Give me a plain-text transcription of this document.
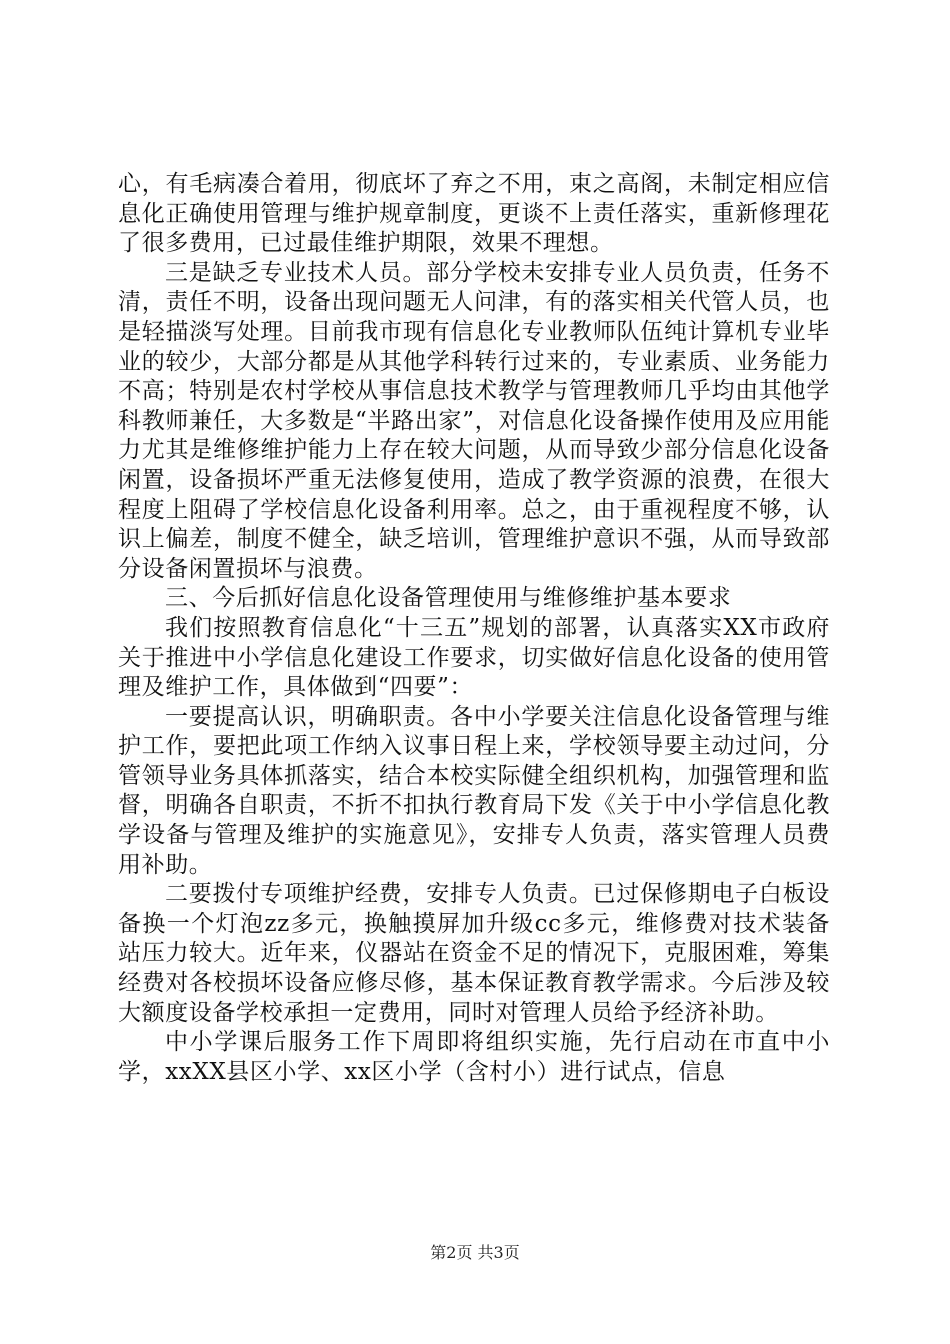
心，有毛病凑合着用，彻底坏了弃之不用，束之高阁，未制定相应信息化正确使用管理与维护规章制度，更谈不上责任落实，重新修理花了很多费用，已过最佳维护期限，效果不理想。

三是缺乏专业技术人员。部分学校未安排专业人员负责，任务不清，责任不明，设备出现问题无人问津，有的落实相关代管人员，也是轻描淡写处理。目前我市现有信息化专业教师队伍纯计算机专业毕业的较少，大部分都是从其他学科转行过来的，专业素质、业务能力不高；特别是农村学校从事信息技术教学与管理教师几乎均由其他学科教师兼任，大多数是“半路出家”，对信息化设备操作使用及应用能力尤其是维修维护能力上存在较大问题，从而导致少部分信息化设备闲置，设备损坏严重无法修复使用，造成了教学资源的浪费，在很大程度上阻碍了学校信息化设备利用率。总之，由于重视程度不够，认识上偏差，制度不健全，缺乏培训，管理维护意识不强，从而导致部分设备闲置损坏与浪费。

三、今后抓好信息化设备管理使用与维修维护基本要求

我们按照教育信息化“十三五”规划的部署，认真落实XX市政府关于推进中小学信息化建设工作要求，切实做好信息化设备的使用管理及维护工作，具体做到“四要”：

一要提高认识，明确职责。各中小学要关注信息化设备管理与维护工作，要把此项工作纳入议事日程上来，学校领导要主动过问，分管领导业务具体抓落实，结合本校实际健全组织机构，加强管理和监督，明确各自职责，不折不扣执行教育局下发《关于中小学信息化教学设备与管理及维护的实施意见》，安排专人负责，落实管理人员费用补助。

二要拨付专项维护经费，安排专人负责。已过保修期电子白板设备换一个灯泡zz多元，换触摸屏加升级cc多元，维修费对技术装备站压力较大。近年来，仪器站在资金不足的情况下，克服困难，筹集经费对各校损坏设备应修尽修，基本保证教育教学需求。今后涉及较大额度设备学校承担一定费用，同时对管理人员给予经济补助。

中小学课后服务工作下周即将组织实施，先行启动在市直中小学，xxXX县区小学、xx区小学（含村小）进行试点，信息

第2页 共3页
